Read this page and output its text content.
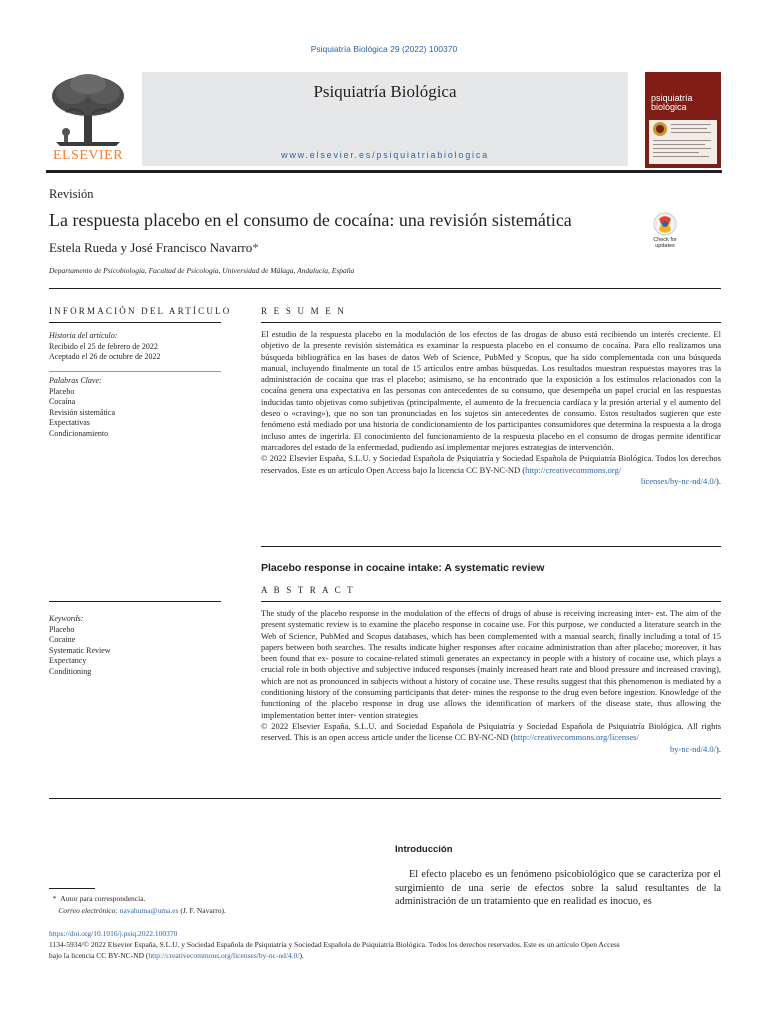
Psiquiatría Biológica 29 (2022) 100370
ELSEVIER
Psiquiatría Biológica
www.elsevier.es/psiquiatriabiologica
psiquiatría
biológica
Revisión
La respuesta placebo en el consumo de cocaína: una revisión sistemática
Estela Rueda y José Francisco Navarro*
Departamento de Psicobiología, Facultad de Psicología, Universidad de Málaga, Andalucía, España
Check for updates
INFORMACIÓN DEL ARTÍCULO	R E S U M E N
Historia del artículo:
Recibido el 25 de febrero de 2022
Aceptado el 26 de octubre de 2022
Palabras Clave:
Placebo
Cocaína
Revisión sistemática
Expectativas
Condicionamiento
El estudio de la respuesta placebo en la modulación de los efectos de las drogas de abuso está recibiendo un interés creciente. El objetivo de la presente revisión sistemática es examinar la respuesta placebo en el consumo de cocaína. Para ello realizamos una búsqueda bibliográfica en las bases de datos Web of Science, PubMed y Scopus, que ha sido complementada con una búsqueda manual, incluyendo finalmente un total de 15 artículos entre ambas búsquedas. Los resultados muestran respuestas mayores tras la administración de cocaína que tras el placebo; asimismo, se ha encontrado que la exposición a los estímulos relacionados con la cocaína genera una expectativa en las personas con antecedentes de su consumo, que desempeña un papel crucial en las respuestas inducidas tanto objetivas como subjetivas (principalmente, el aumento de la frecuencia cardíaca y la presión arterial y el aumento del deseo o «craving»), que no son tan pronunciadas en los sujetos sin antecedentes de consumo. Estos resultados sugieren que este fenómeno está mediado por una historia de condicionamiento de los participantes consumidores que determina la respuesta a la droga incluso antes de ingerirla. El conocimiento del funcionamiento de la respuesta placebo en el consumo de drogas permite identificar marcadores del estado de la enfermedad, pudiendo así implementar mejores estrategias de intervención.
© 2022 Elsevier España, S.L.U. y Sociedad Española de Psiquiatría y Sociedad Española de Psiquiatría Biológica. Todos los derechos reservados. Este es un artículo Open Access bajo la licencia CC BY-NC-ND (http://creativecommons.org/
licenses/by-nc-nd/4.0/).
Placebo response in cocaine intake: A systematic review
A B S T R A C T
Keywords:
Placebo
Cocaine
Systematic Review
Expectancy
Conditioning
The study of the placebo response in the modulation of the effects of drugs of abuse is receiving increasing inter- est. The aim of the present systematic review is to examine the placebo response in cocaine use. For this purpose, we conducted a literature search in the Web of Science, PubMed and Scopus databases, which has been complemented with a manual search, finally including a total of 15 papers between both searches. The results indicate higher responses after cocaine administration than after placebo; moreover, it has been found that ex- posure to cocaine-related stimuli generates an expectancy in people with a history of cocaine use, which plays a crucial role in both objective and subjective induced responses (mainly increased heart rate and blood pressure and increased craving), which are not as pronounced in subjects without a history of cocaine use. These results suggest that this phenomenon is mediated by a conditioning history of the consuming participants that deter- mines the response to the drug even before ingestion. Knowledge of the functioning of the placebo response in drug use allows the identification of markers of the disease state, thus allowing the implementation better inter- vention strategies
© 2022 Elsevier España, S.L.U. and Sociedad Española de Psiquiatría y Sociedad Española de Psiquiatría Biológica. All rights reserved. This is an open access article under the license CC BY-NC-ND (http://creativecommons.org/licenses/
by-nc-nd/4.0/).
Introducción
El efecto placebo es un fenómeno psicobiológico que se caracteriza por el surgimiento de una serie de efectos sobre la salud resultantes de la administración de un tratamiento que en realidad es inocuo, es
* Autor para correspondencia.
Correo electrónico: navahuma@uma.es (J. F. Navarro).
https://doi.org/10.1016/j.psiq.2022.100370
1134-5934/© 2022 Elsevier España, S.L.U. y Sociedad Española de Psiquiatría y Sociedad Española de Psiquiatría Biológica. Todos los derechos reservados. Este es un artículo Open Access
bajo la licencia CC BY-NC-ND (http://creativecommons.org/licenses/by-nc-nd/4.0/).
